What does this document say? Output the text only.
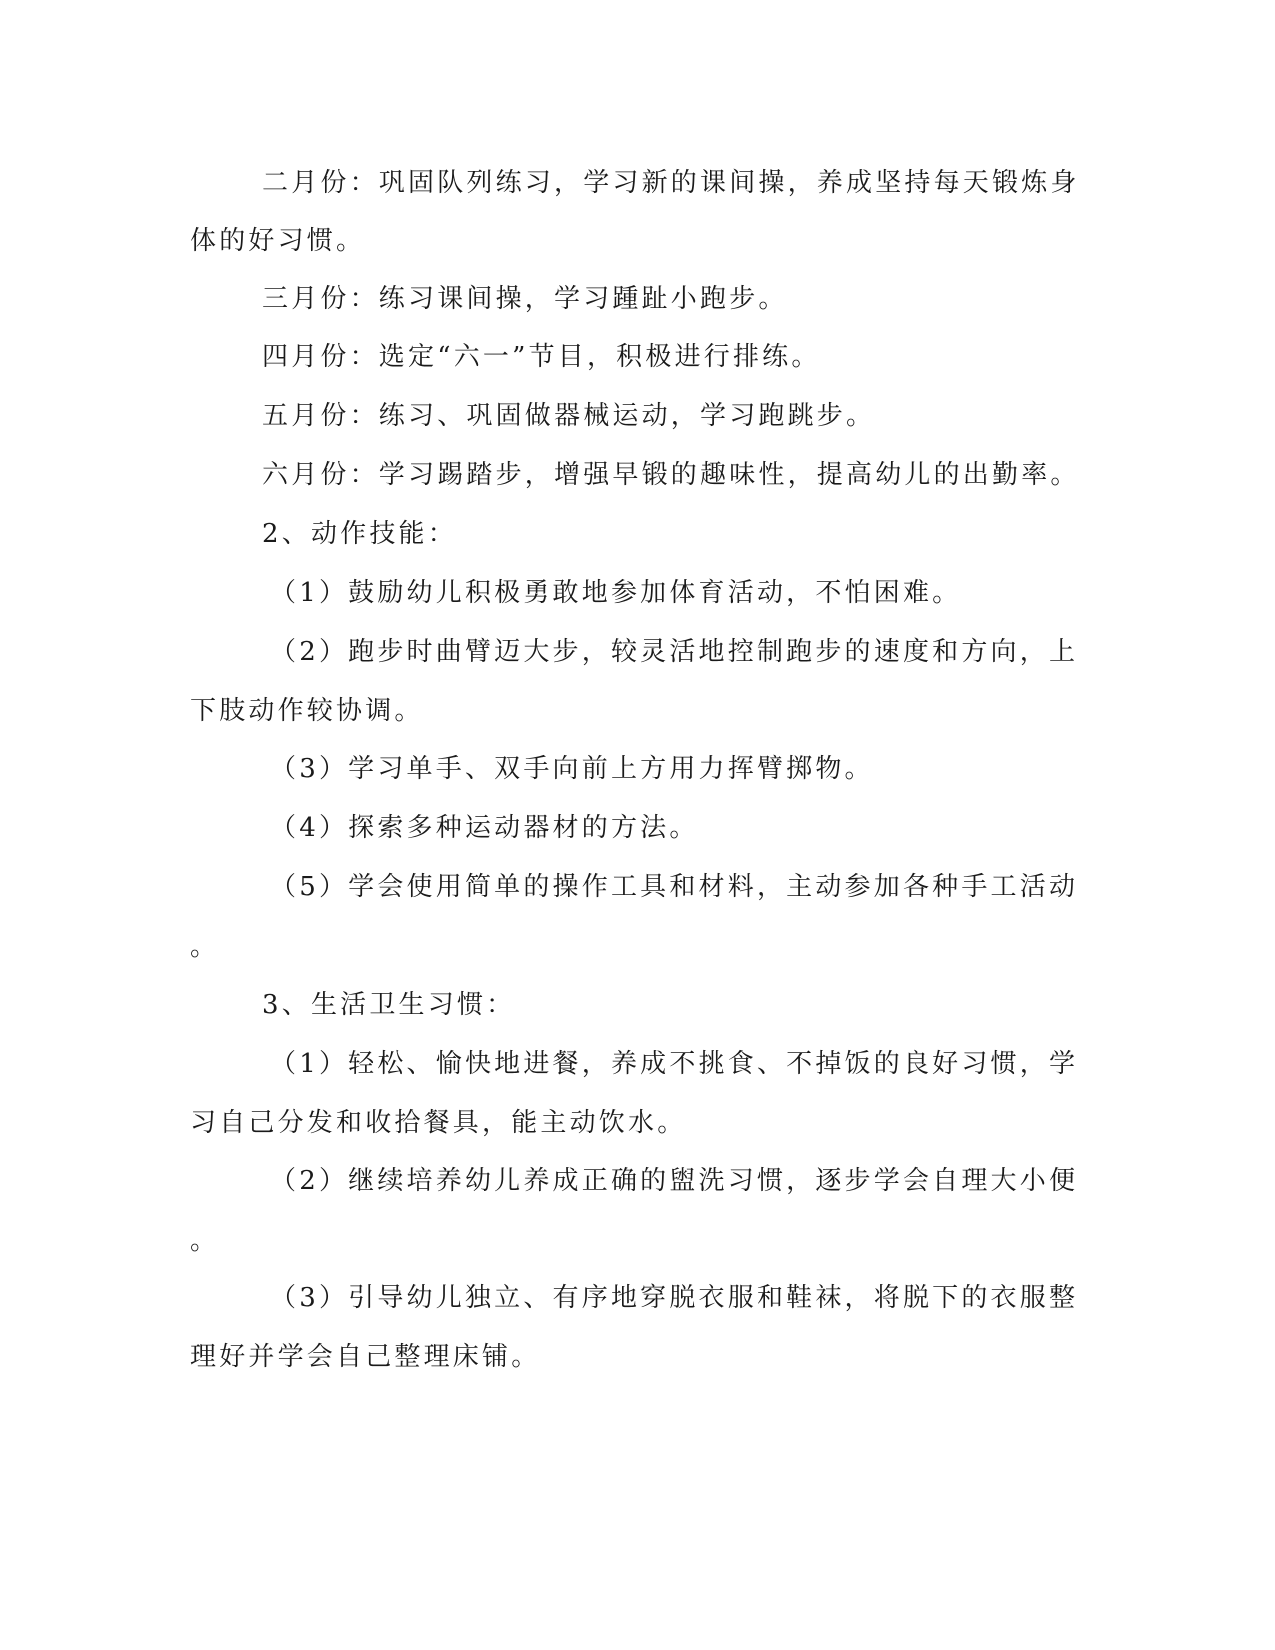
二月份：巩固队列练习，学习新的课间操，养成坚持每天锻炼身
体的好习惯。
三月份：练习课间操，学习踵趾小跑步。
四月份：选定“六一”节目，积极进行排练。
五月份：练习、巩固做器械运动，学习跑跳步。
六月份：学习踢踏步，增强早锻的趣味性，提高幼儿的出勤率。
2、动作技能：
（1）鼓励幼儿积极勇敢地参加体育活动，不怕困难。
（2）跑步时曲臂迈大步，较灵活地控制跑步的速度和方向，上
下肢动作较协调。
（3）学习单手、双手向前上方用力挥臂掷物。
（4）探索多种运动器材的方法。
（5）学会使用简单的操作工具和材料，主动参加各种手工活动
。
3、生活卫生习惯：
（1）轻松、愉快地进餐，养成不挑食、不掉饭的良好习惯，学
习自己分发和收拾餐具，能主动饮水。
（2）继续培养幼儿养成正确的盥洗习惯，逐步学会自理大小便
。
（3）引导幼儿独立、有序地穿脱衣服和鞋袜，将脱下的衣服整
理好并学会自己整理床铺。
